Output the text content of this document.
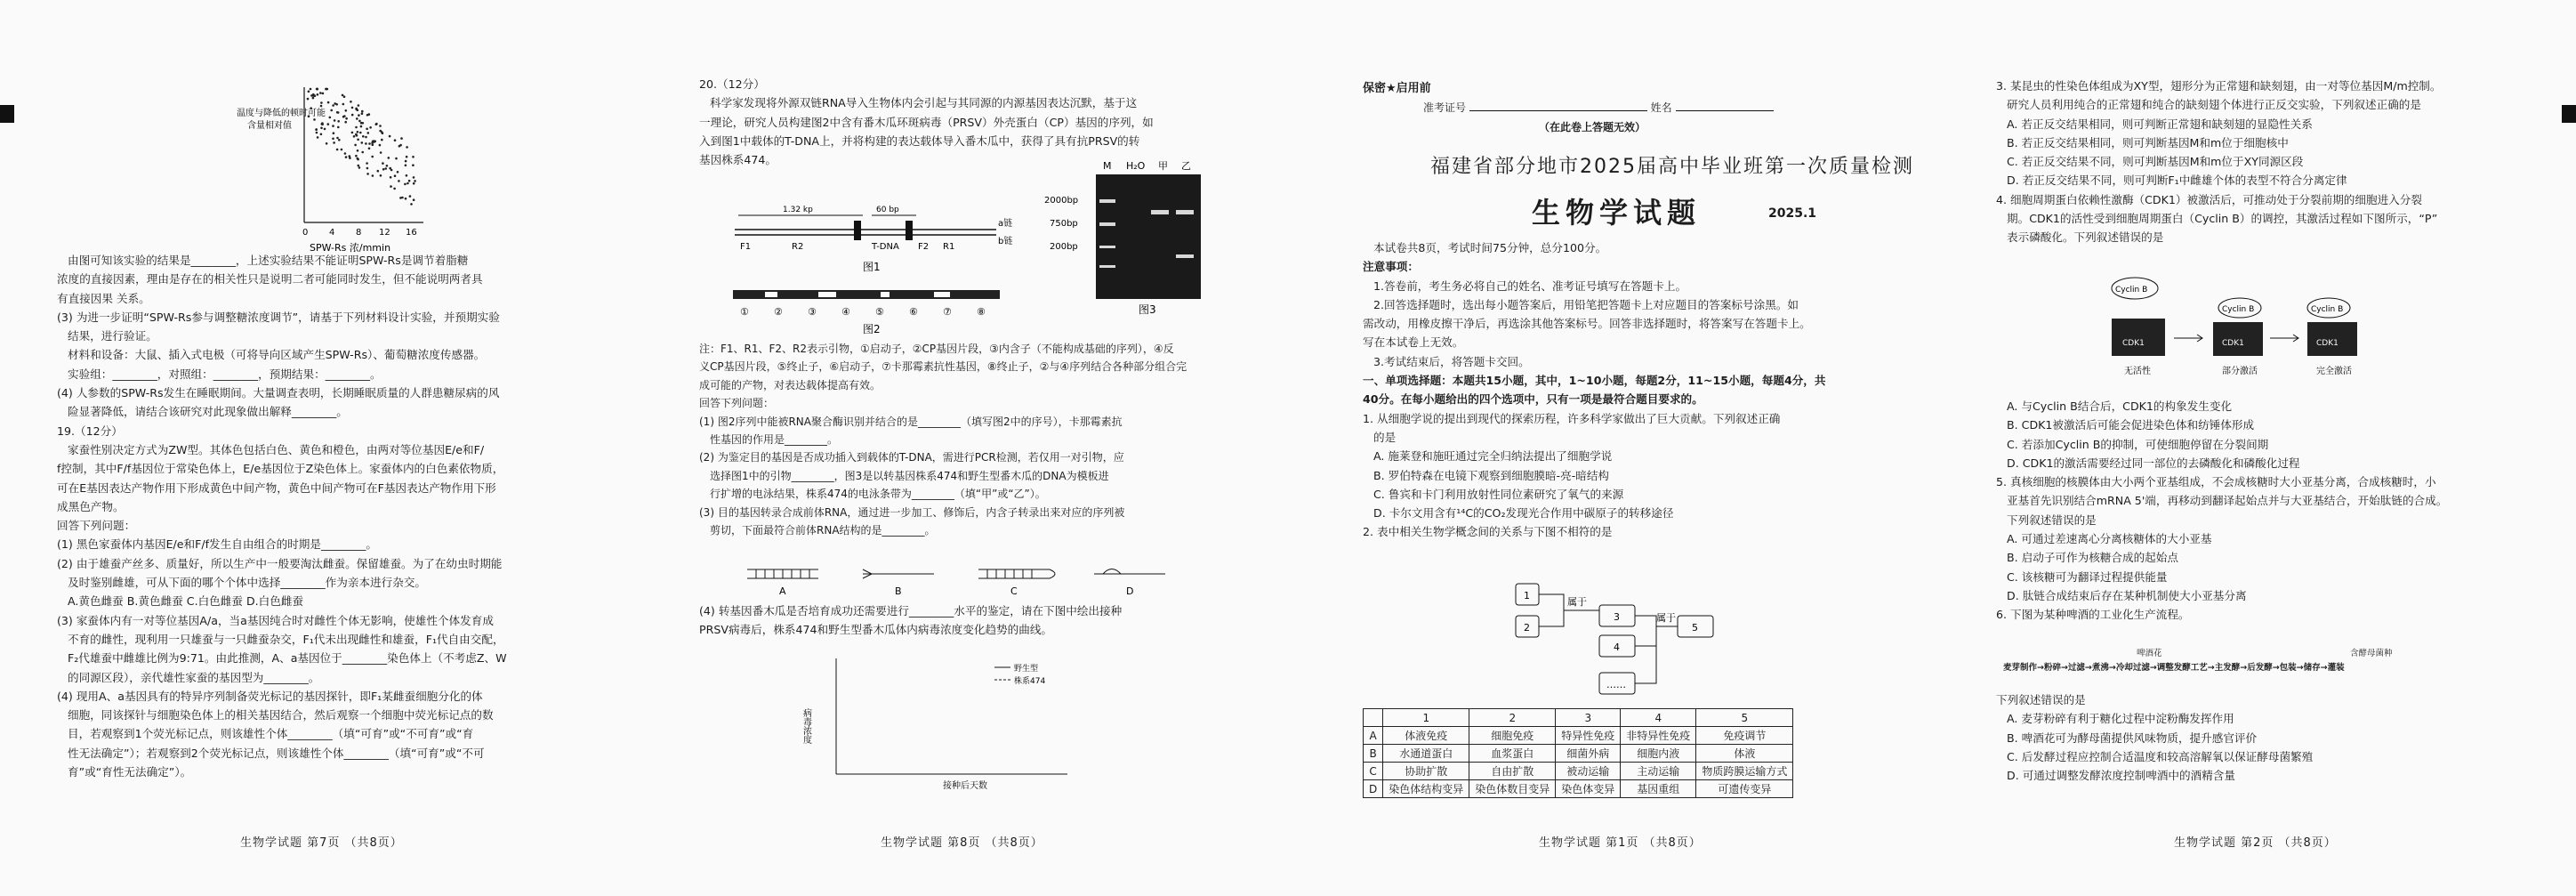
温度与降低的顿时可能
含量相对值
0 4 8 12 16
SPW-Rs 浓/mmin

由图可知该实验的结果是________，上述实验结果不能证明SPW-Rs是调节着脂糖

浓度的直接因素，理由是存在的相关性只是说明二者可能同时发生，但不能说明两者具

有直接因果 关系。

(3) 为进一步证明“SPW-Rs参与调整糖浓度调节”，请基于下列材料设计实验，并预期实验

结果，进行验证。

材料和设备：大鼠、插入式电极（可将导向区域产生SPW-Rs）、葡萄糖浓度传感器。

实验组：________，对照组：________，预期结果：________。

(4) 人参数的SPW-Rs发生在睡眠期间。大量调查表明，长期睡眠质量的人群患糖尿病的风

险显著降低，请结合该研究对此现象做出解释________。

19.（12分）

家蚕性别决定方式为ZW型。其体色包括白色、黄色和橙色，由两对等位基因E/e和F/

f控制，其中F/f基因位于常染色体上，E/e基因位于Z染色体上。家蚕体内的白色素依物质，

可在E基因表达产物作用下形成黄色中间产物，黄色中间产物可在F基因表达产物作用下形

成黑色产物。

回答下列问题：

(1) 黑色家蚕体内基因E/e和F/f发生自由组合的时期是________。

(2) 由于雄蚕产丝多、质量好，所以生产中一般要淘汰雌蚕。保留雄蚕。为了在幼虫时期能

及时鉴别雌雄，可从下面的哪个个体中选择________作为亲本进行杂交。

A.黄色雌蚕 B.黄色雌蚕 C.白色雌蚕 D.白色雌蚕

(3) 家蚕体内有一对等位基因A/a，当a基因纯合时对雌性个体无影响，使雄性个体发育成

不育的雌性，现利用一只雄蚕与一只雌蚕杂交，F₁代未出现雌性和雄蚕，F₁代自由交配，

F₂代雄蚕中雌雄比例为9:71。由此推测，A、a基因位于________染色体上（不考虑Z、W

的同源区段），亲代雄性家蚕的基因型为________。

(4) 现用A、a基因具有的特异序列制备荧光标记的基因探针，即F₁某雌蚕细胞分化的体

细胞，同该探针与细胞染色体上的相关基因结合，然后观察一个细胞中荧光标记点的数

目，若观察到1个荧光标记点，则该雄性个体________（填“可育”或“不可育”或“育

性无法确定”）；若观察到2个荧光标记点，则该雄性个体________（填“可育”或“不可

育”或“育性无法确定”）。

生物学试题 第7页 （共8页）

20.（12分）

科学家发现将外源双链RNA导入生物体内会引起与其同源的内源基因表达沉默，基于这

一理论，研究人员构建图2中含有番木瓜环斑病毒（PRSV）外壳蛋白（CP）基因的序列，如

入到图1中载体的T-DNA上，并将构建的表达载体导入番木瓜中，获得了具有抗PRSV的转

基因株系474。

1.32 kp	60 bp
F1	R2	T-DNA F2 R1
a链
b链
图1
①	②	③	④	⑤	⑥	⑦	⑧
图2
M H₂O 甲 乙
2000bp
750bp
200bp
图3

注：F1、R1、F2、R2表示引物，①启动子，②CP基因片段，③内含子（不能构成基础的序列），④反

义CP基因片段，⑤终止子，⑥启动子，⑦卡那霉素抗性基因，⑧终止子，②与④序列结合各种部分组合完

成可能的产物，对表达载体提高有效。

回答下列问题：

(1) 图2序列中能被RNA聚合酶识别并结合的是________（填写图2中的序号），卡那霉素抗

性基因的作用是________。

(2) 为鉴定目的基因是否成功插入到载体的T-DNA，需进行PCR检测，若仅用一对引物，应

选择图1中的引物________，图3是以转基因株系474和野生型番木瓜的DNA为模板进

行扩增的电泳结果，株系474的电泳条带为________（填“甲”或“乙”）。

(3) 目的基因转录合成前体RNA，通过进一步加工、修饰后，内含子转录出来对应的序列被

剪切，下面最符合前体RNA结构的是________。

A	B	C	D

(4) 转基因番木瓜是否培育成功还需要进行________水平的鉴定，请在下图中绘出接种

PRSV病毒后，株系474和野生型番木瓜体内病毒浓度变化趋势的曲线。

病毒浓度
接种后天数
野生型
株系474
生物学试题 第8页 （共8页）
保密★启用前
准考证号	姓名
（在此卷上答题无效）
福建省部分地市2025届高中毕业班第一次质量检测
生物学试题	2025.1

本试卷共8页，考试时间75分钟，总分100分。

注意事项：

1.答卷前，考生务必将自己的姓名、准考证号填写在答题卡上。

2.回答选择题时，选出每小题答案后，用铅笔把答题卡上对应题目的答案标号涂黑。如

需改动，用橡皮擦干净后，再选涂其他答案标号。回答非选择题时，将答案写在答题卡上。

写在本试卷上无效。

3.考试结束后，将答题卡交回。

一、单项选择题：本题共15小题，其中，1~10小题，每题2分，11~15小题，每题4分，共

40分。在每小题给出的四个选项中，只有一项是最符合题目要求的。

1. 从细胞学说的提出到现代的探索历程，许多科学家做出了巨大贡献。下列叙述正确

的是

A. 施莱登和施旺通过完全归纳法提出了细胞学说

B. 罗伯特森在电镜下观察到细胞膜暗-亮-暗结构

C. 鲁宾和卡门利用放射性同位素研究了氧气的来源

D. 卡尔文用含有¹⁴C的CO₂发现光合作用中碳原子的转移途径

2. 表中相关生物学概念间的关系与下图不相符的是

1
2
3
4
……
5
属于
属于
	1	2	3	4	5
A	体液免疫	细胞免疫	特异性免疫	非特异性免疫	免疫调节
B	水通道蛋白	血浆蛋白	细菌外病	细胞内液	体液
C	协助扩散	自由扩散	被动运输	主动运输	物质跨膜运输方式
D	染色体结构变异	染色体数目变异	染色体变异	基因重组	可遗传变异
生物学试题 第1页 （共8页）

3. 某昆虫的性染色体组成为XY型，翅形分为正常翅和缺刻翅，由一对等位基因M/m控制。

研究人员利用纯合的正常翅和纯合的缺刻翅个体进行正反交实验，下列叙述正确的是

A. 若正反交结果相同，则可判断正常翅和缺刻翅的显隐性关系

B. 若正反交结果相同，则可判断基因M和m位于细胞核中

C. 若正反交结果不同，则可判断基因M和m位于XY同源区段

D. 若正反交结果不同，则可判断F₁中雌雄个体的表型不符合分离定律

4. 细胞周期蛋白依赖性激酶（CDK1）被激活后，可推动处于分裂前期的细胞进入分裂

期。CDK1的活性受到细胞周期蛋白（Cyclin B）的调控，其激活过程如下图所示，“P”

表示磷酸化。下列叙述错误的是

CDK1	CDK1	CDK1
Cyclin B
Cyclin B	Cyclin B
无活性	部分激活	完全激活

A. 与Cyclin B结合后，CDK1的构象发生变化

B. CDK1被激活后可能会促进染色体和纺锤体形成

C. 若添加Cyclin B的抑制，可使细胞停留在分裂间期

D. CDK1的激活需要经过同一部位的去磷酸化和磷酸化过程

5. 真核细胞的核膜体由大小两个亚基组成，不会成核糖时大小亚基分离，合成核糖时，小

亚基首先识别结合mRNA 5'端，再移动到翻译起始点并与大亚基结合，开始肽链的合成。

下列叙述错误的是

A. 可通过差速离心分离核糖体的大小亚基

B. 启动子可作为核糖合成的起始点

C. 该核糖可为翻译过程提供能量

D. 肽链合成结束后存在某种机制使大小亚基分离

6. 下图为某种啤酒的工业化生产流程。

啤酒花	含酵母菌种
麦芽制作→粉碎→过滤→煮沸→冷却过滤→调整发酵工艺→主发酵→后发酵→包装→储存→灌装

下列叙述错误的是

A. 麦芽粉碎有利于糖化过程中淀粉酶发挥作用

B. 啤酒花可为酵母菌提供风味物质，提升感官评价

C. 后发酵过程应控制合适温度和较高溶解氧以保证酵母菌繁殖

D. 可通过调整发酵浓度控制啤酒中的酒精含量

生物学试题 第2页 （共8页）
